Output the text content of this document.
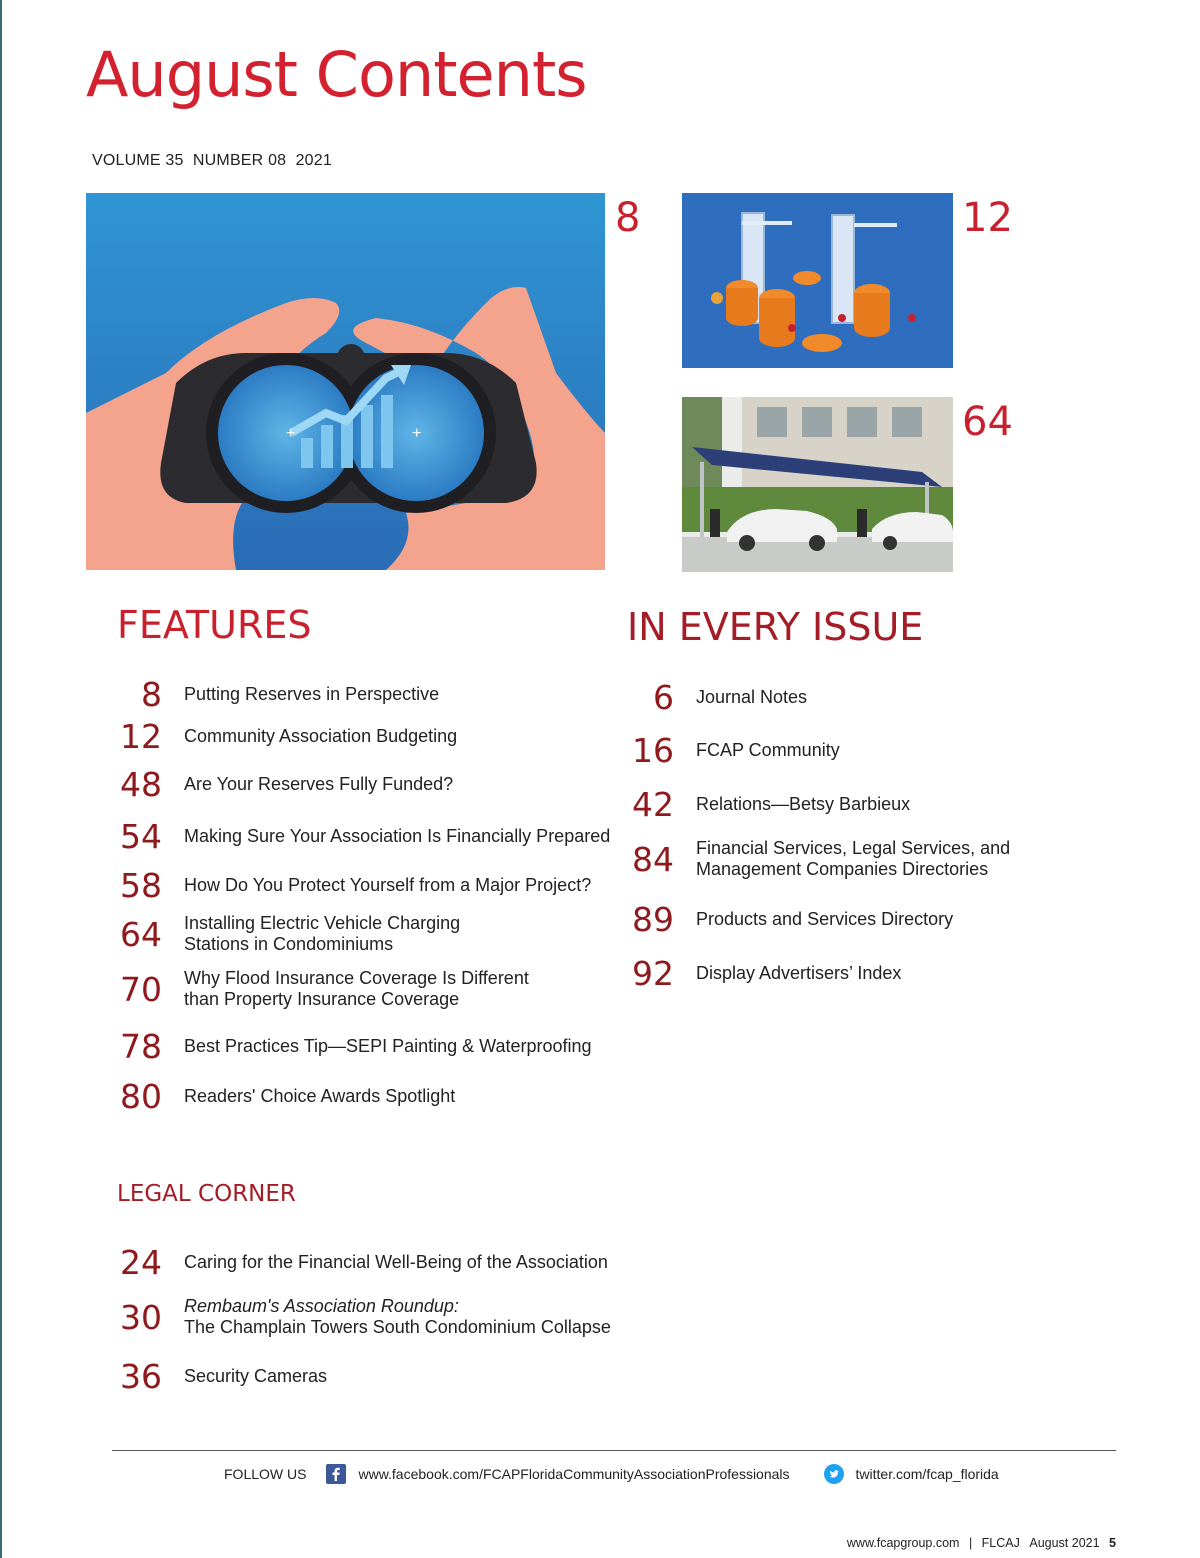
August Contents
VOLUME 35  NUMBER 08  2021
+	+
8	12
64
FEATURES	IN EVERY ISSUE
LEGAL CORNER
8 Putting Reserves in Perspective
12 Community Association Budgeting
48 Are Your Reserves Fully Funded?
54 Making Sure Your Association Is Financially Prepared
58 How Do You Protect Yourself from a Major Project?
64 Installing Electric Vehicle Charging
Stations in Condominiums
70 Why Flood Insurance Coverage Is Different
than Property Insurance Coverage
78 Best Practices Tip—SEPI Painting & Waterproofing
80 Readers' Choice Awards Spotlight
24 Caring for the Financial Well-Being of the Association
30 Rembaum's Association Roundup:
The Champlain Towers South Condominium Collapse
36 Security Cameras
6 Journal Notes
16 FCAP Community
42 Relations—Betsy Barbieux
84 Financial Services, Legal Services, and
Management Companies Directories
89 Products and Services Directory
92 Display Advertisers’ Index
FOLLOW US	www.facebook.com/FCAPFloridaCommunityAssociationProfessionals	twitter.com/fcap_florida
www.fcapgroup.com | FLCAJ August 2021 5
